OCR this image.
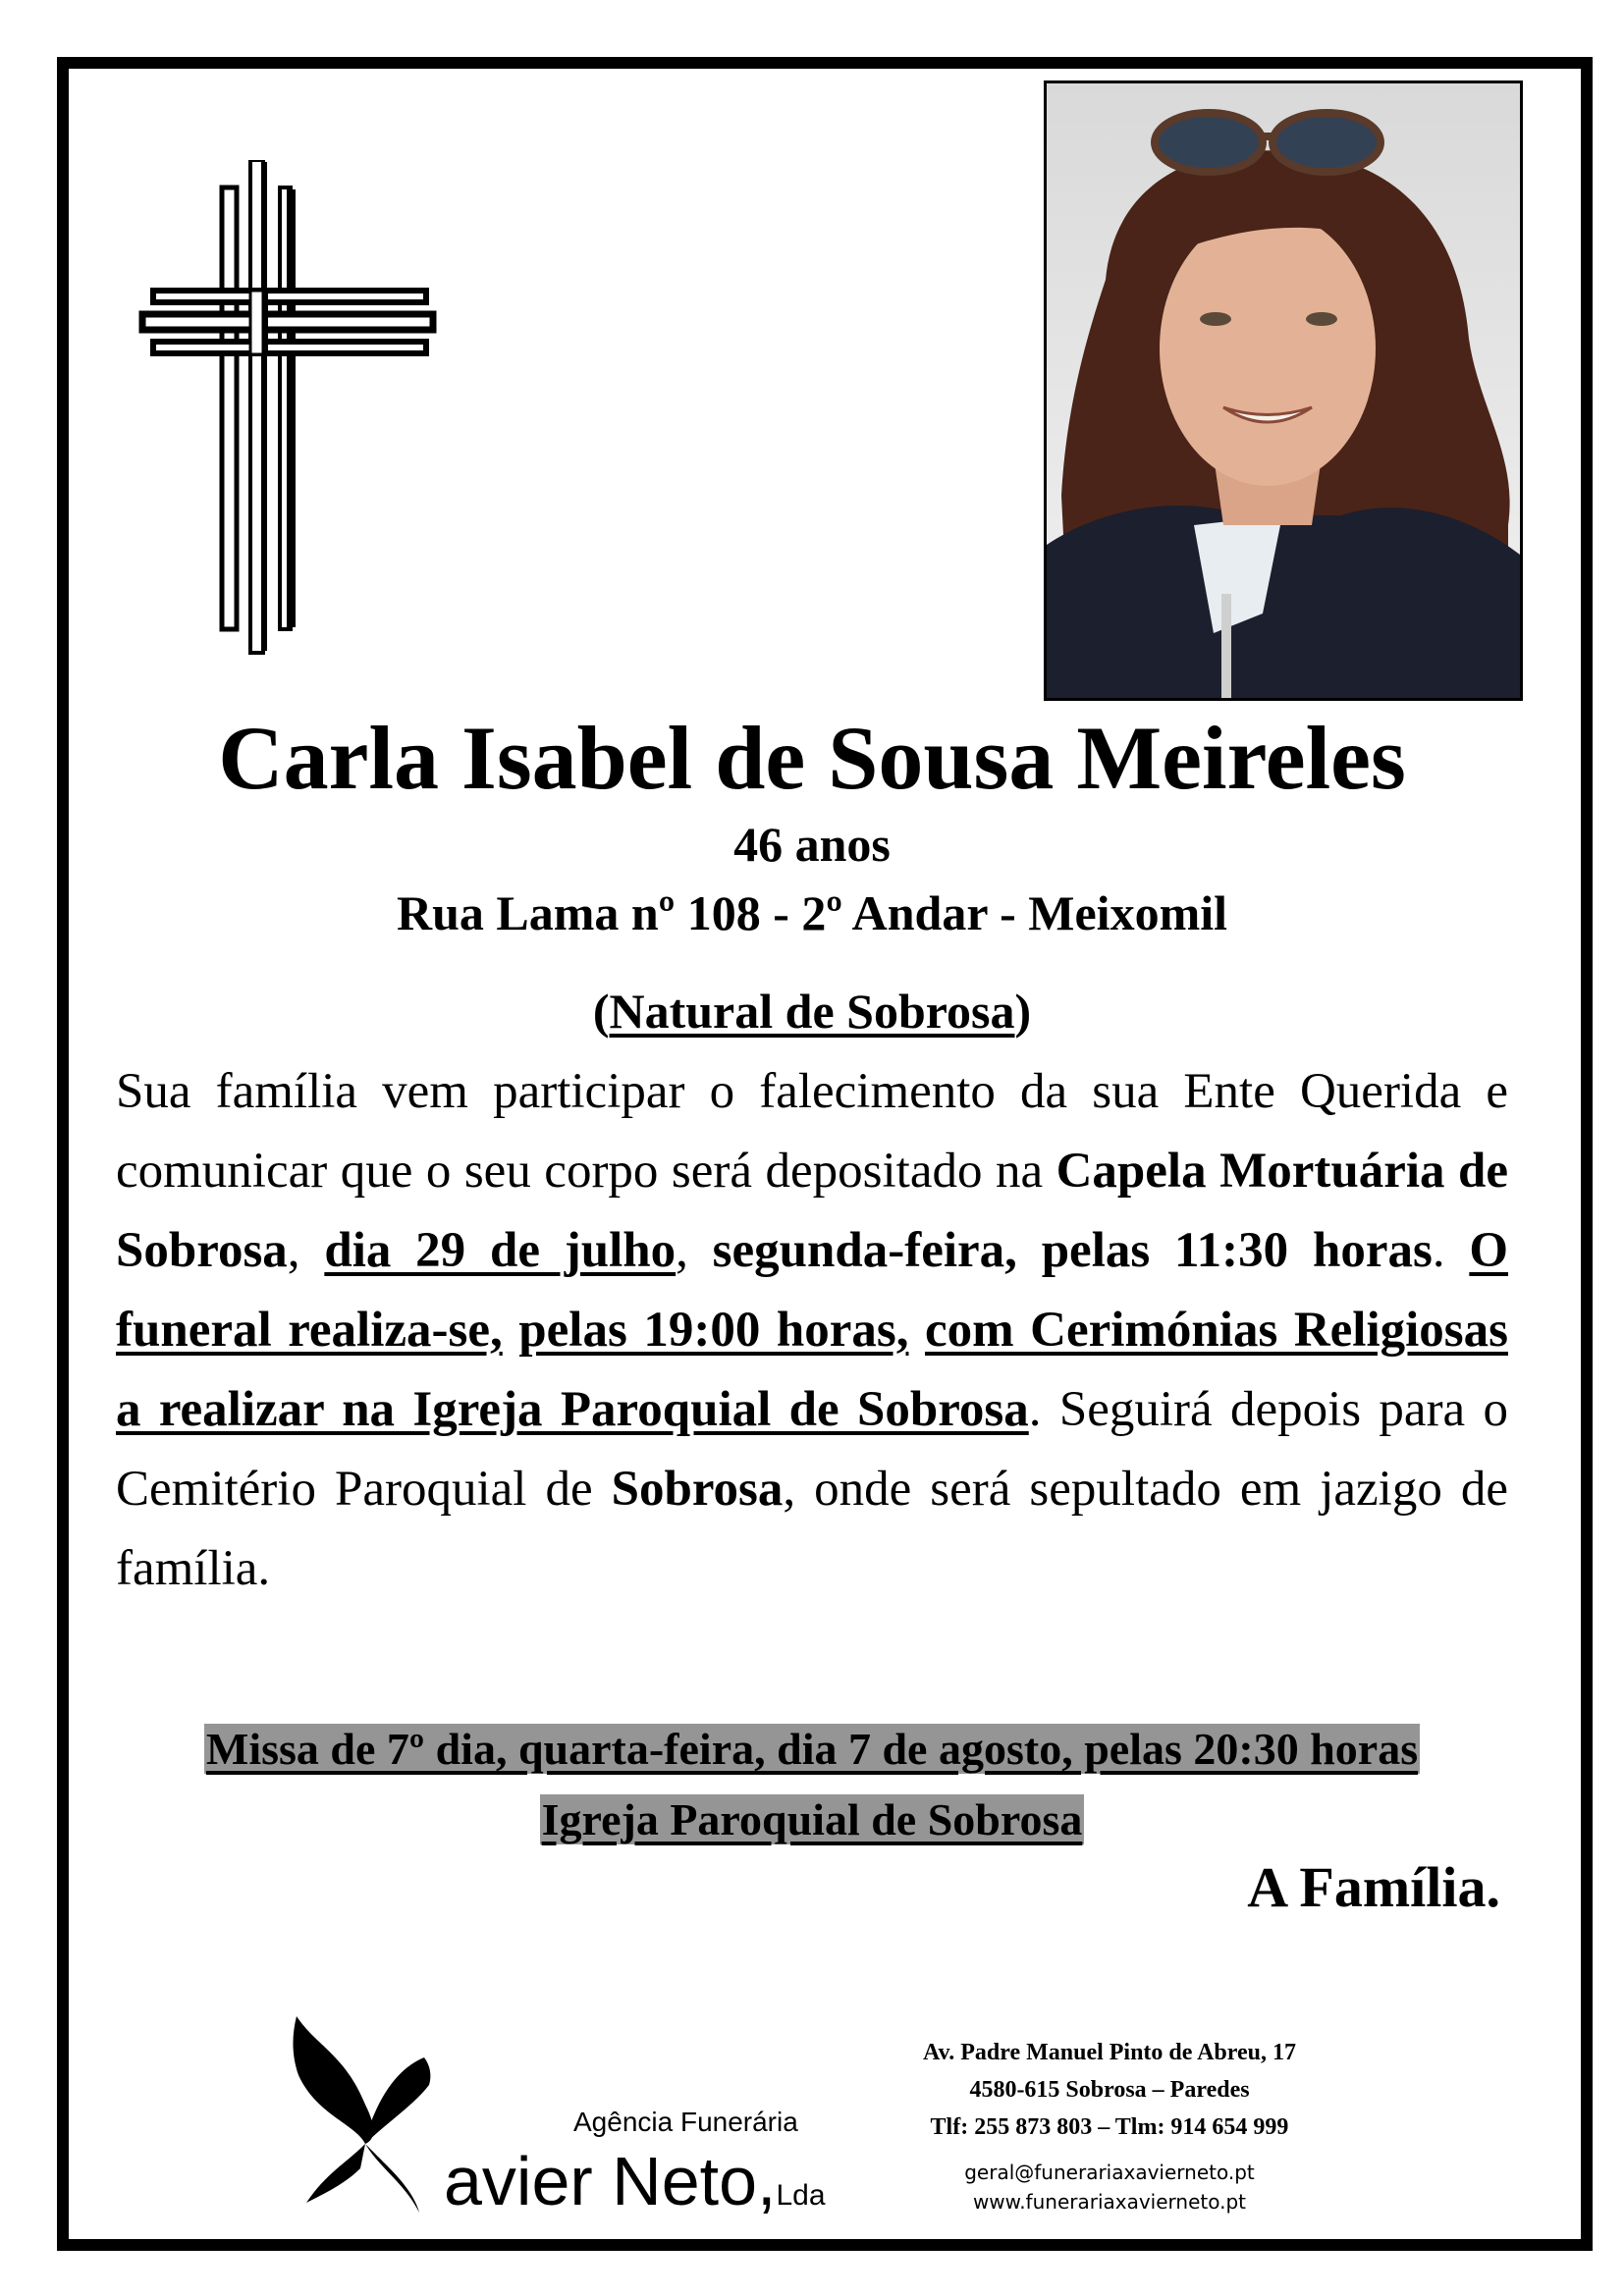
Carla Isabel de Sousa Meireles
46 anos
Rua Lama nº 108 - 2º Andar - Meixomil
(Natural de Sobrosa)
Sua família vem participar o falecimento da sua Ente Querida e comunicar que o seu corpo será depositado na Capela Mortuária de Sobrosa, dia 29 de julho, segunda-feira, pelas 11:30 horas. O funeral realiza-se, pelas 19:00 horas, com Cerimónias Religiosas a realizar na Igreja Paroquial de Sobrosa. Seguirá depois para o Cemitério Paroquial de Sobrosa, onde será sepultado em jazigo de família.
Missa de 7º dia, quarta-feira, dia 7 de agosto, pelas 20:30 horas
Igreja Paroquial de Sobrosa
A Família.
Agência Funerária
avier Neto,Lda
Av. Padre Manuel Pinto de Abreu, 17
4580-615 Sobrosa – Paredes
Tlf: 255 873 803 – Tlm: 914 654 999
geral@funerariaxavierneto.pt
www.funerariaxavierneto.pt
